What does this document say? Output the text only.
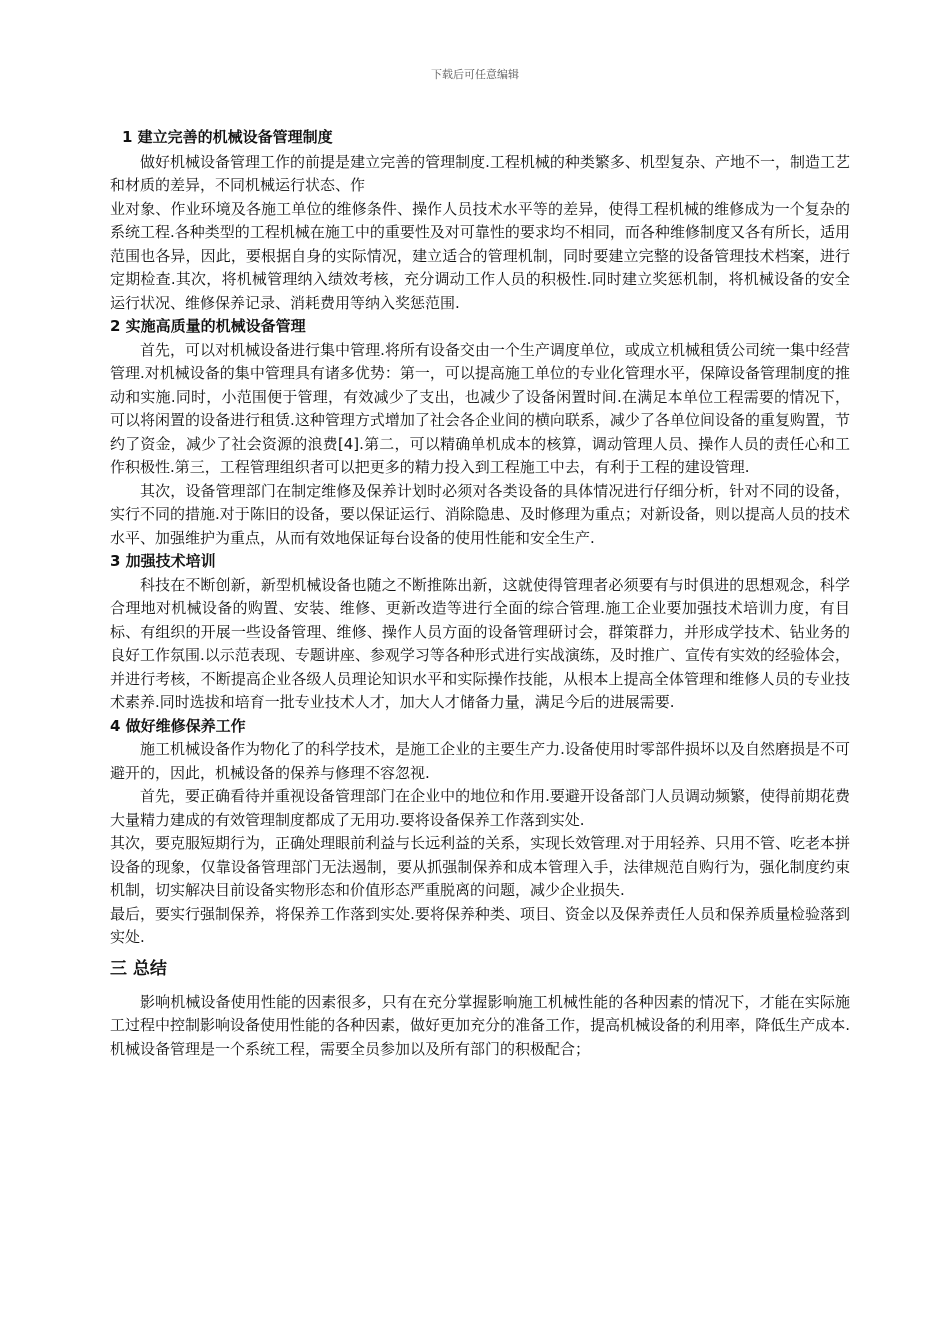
下载后可任意编辑
1 建立完善的机械设备管理制度

做好机械设备管理工作的前提是建立完善的管理制度.工程机械的种类繁多、机型复杂、产地不一，制造工艺和材质的差异，不同机械运行状态、作

业对象、作业环境及各施工单位的维修条件、操作人员技术水平等的差异，使得工程机械的维修成为一个复杂的系统工程.各种类型的工程机械在施工中的重要性及对可靠性的要求均不相同，而各种维修制度又各有所长，适用范围也各异，因此，要根据自身的实际情况，建立适合的管理机制，同时要建立完整的设备管理技术档案，进行定期检查.其次，将机械管理纳入绩效考核，充分调动工作人员的积极性.同时建立奖惩机制，将机械设备的安全运行状况、维修保养记录、消耗费用等纳入奖惩范围.

2 实施高质量的机械设备管理

首先，可以对机械设备进行集中管理.将所有设备交由一个生产调度单位，或成立机械租赁公司统一集中经营管理.对机械设备的集中管理具有诸多优势：第一，可以提高施工单位的专业化管理水平，保障设备管理制度的推动和实施.同时，小范围便于管理，有效减少了支出，也减少了设备闲置时间.在满足本单位工程需要的情况下，可以将闲置的设备进行租赁.这种管理方式增加了社会各企业间的横向联系，减少了各单位间设备的重复购置，节约了资金，减少了社会资源的浪费[4].第二，可以精确单机成本的核算，调动管理人员、操作人员的责任心和工作积极性.第三，工程管理组织者可以把更多的精力投入到工程施工中去，有利于工程的建设管理.

其次，设备管理部门在制定维修及保养计划时必须对各类设备的具体情况进行仔细分析，针对不同的设备，实行不同的措施.对于陈旧的设备，要以保证运行、消除隐患、及时修理为重点；对新设备，则以提高人员的技术水平、加强维护为重点，从而有效地保证每台设备的使用性能和安全生产.

3 加强技术培训

科技在不断创新，新型机械设备也随之不断推陈出新，这就使得管理者必须要有与时俱进的思想观念，科学合理地对机械设备的购置、安装、维修、更新改造等进行全面的综合管理.施工企业要加强技术培训力度，有目标、有组织的开展一些设备管理、维修、操作人员方面的设备管理研讨会，群策群力，并形成学技术、钻业务的良好工作氛围.以示范表现、专题讲座、参观学习等各种形式进行实战演练，及时推广、宣传有实效的经验体会，并进行考核，不断提高企业各级人员理论知识水平和实际操作技能，从根本上提高全体管理和维修人员的专业技术素养.同时选拔和培育一批专业技术人才，加大人才储备力量，满足今后的进展需要.

4 做好维修保养工作

施工机械设备作为物化了的科学技术，是施工企业的主要生产力.设备使用时零部件损坏以及自然磨损是不可避开的，因此，机械设备的保养与修理不容忽视.

首先，要正确看待并重视设备管理部门在企业中的地位和作用.要避开设备部门人员调动频繁，使得前期花费大量精力建成的有效管理制度都成了无用功.要将设备保养工作落到实处.

其次，要克服短期行为，正确处理眼前利益与长远利益的关系，实现长效管理.对于用轻养、只用不管、吃老本拼设备的现象，仅靠设备管理部门无法遏制，要从抓强制保养和成本管理入手，法律规范自购行为，强化制度约束机制，切实解决目前设备实物形态和价值形态严重脱离的问题，减少企业损失.

最后，要实行强制保养，将保养工作落到实处.要将保养种类、项目、资金以及保养责任人员和保养质量检验落到实处.

三 总结

影响机械设备使用性能的因素很多，只有在充分掌握影响施工机械性能的各种因素的情况下，才能在实际施工过程中控制影响设备使用性能的各种因素，做好更加充分的准备工作，提高机械设备的利用率，降低生产成本.机械设备管理是一个系统工程，需要全员参加以及所有部门的积极配合；
